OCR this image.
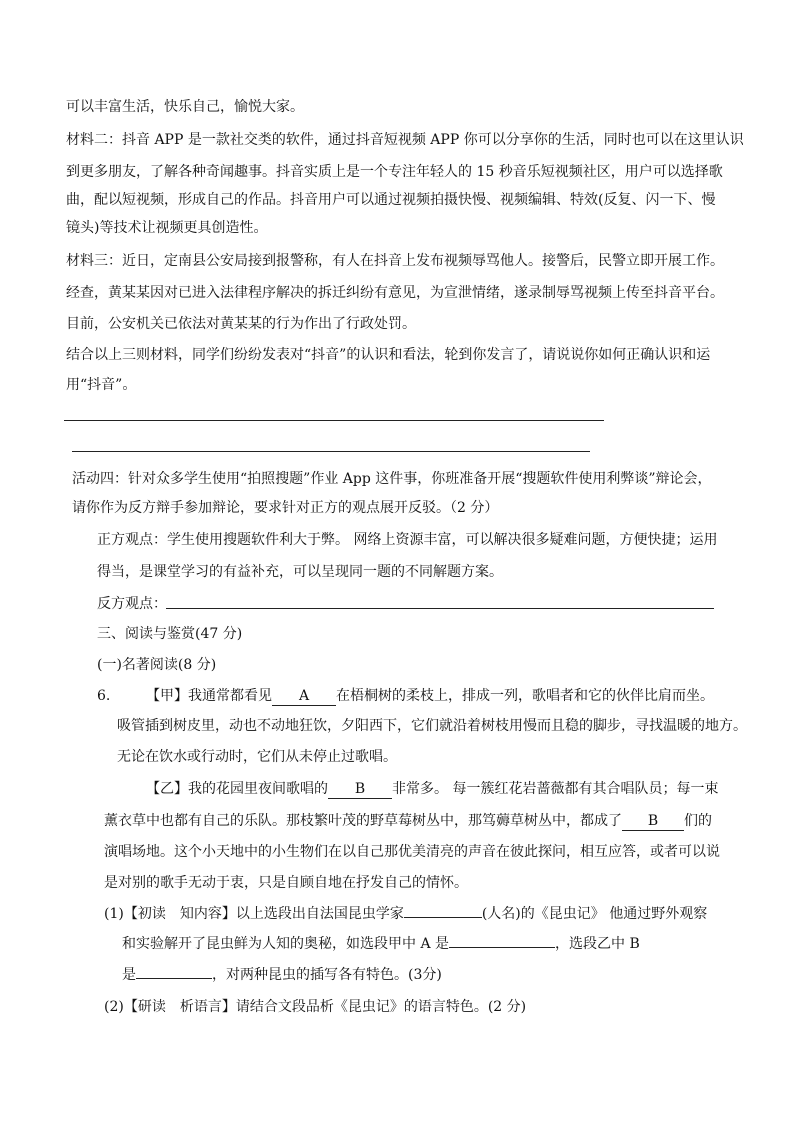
可以丰富生活，快乐自己，愉悦大家。
材料二：抖音 APP 是一款社交类的软件，通过抖音短视频 APP 你可以分享你的生活，同时也可以在这里认识
到更多朋友，了解各种奇闻趣事。抖音实质上是一个专注年轻人的 15 秒音乐短视频社区，用户可以选择歌
曲，配以短视频，形成自己的作品。抖音用户可以通过视频拍摄快慢、视频编辑、特效(反复、闪一下、慢
镜头)等技术让视频更具创造性。
材料三：近日，定南县公安局接到报警称，有人在抖音上发布视频辱骂他人。接警后，民警立即开展工作。
经查，黄某某因对已进入法律程序解决的拆迁纠纷有意见，为宣泄情绪，遂录制辱骂视频上传至抖音平台。
目前，公安机关已依法对黄某某的行为作出了行政处罚。
结合以上三则材料，同学们纷纷发表对“抖音”的认识和看法，轮到你发言了，请说说你如何正确认识和运
用“抖音”。
活动四：针对众多学生使用“拍照搜题”作业 App 这件事，你班准备开展“搜题软件使用利弊谈”辩论会，
请你作为反方辩手参加辩论，要求针对正方的观点展开反驳。（2 分）
正方观点：学生使用搜题软件利大于弊。 网络上资源丰富，可以解决很多疑难问题，方便快捷；运用
得当，是课堂学习的有益补充，可以呈现同一题的不同解题方案。
反方观点：
三、阅读与鉴赏(47 分)
(一)名著阅读(8 分)
6.	【甲】我通常都看见 A 在梧桐树的柔枝上，排成一列，歌唱者和它的伙伴比肩而坐。
吸管插到树皮里，动也不动地狂饮，夕阳西下，它们就沿着树枝用慢而且稳的脚步，寻找温暖的地方。
无论在饮水或行动时，它们从未停止过歌唱。
【乙】我的花园里夜间歌唱的 B 非常多。 每一簇红花岩蔷薇都有其合唱队员；每一束
薰衣草中也都有自己的乐队。那枝繁叶茂的野草莓树丛中，那笃薅草树丛中，都成了 B 们的
演唱场地。这个小天地中的小生物们在以自己那优美清亮的声音在彼此探问，相互应答，或者可以说
是对别的歌手无动于衷，只是自顾自地在抒发自己的情怀。
(1)【初读　知内容】以上选段出自法国昆虫学家	(人名)的《昆虫记》 他通过野外观察
和实验解开了昆虫鲜为人知的奥秘，如选段甲中 A 是	，选段乙中 B
是	，对两种昆虫的插写各有特色。(3分)
(2)【研读　析语言】请结合文段品析《昆虫记》的语言特色。(2 分)
